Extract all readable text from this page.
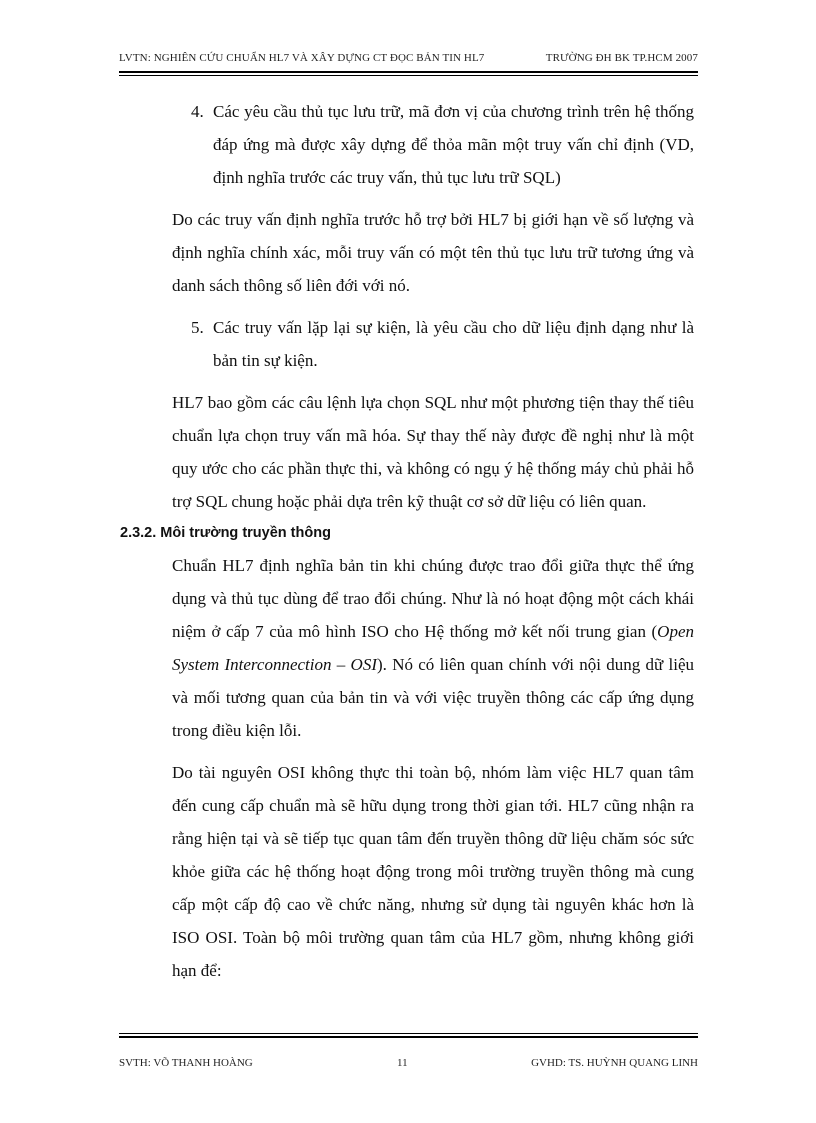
LVTN: NGHIÊN CỨU CHUẨN HL7 VÀ XÂY DỰNG CT ĐỌC BẢN TIN HL7	TRƯỜNG ĐH BK TP.HCM 2007
4. Các yêu cầu thủ tục lưu trữ, mã đơn vị của chương trình trên hệ thống đáp ứng mà được xây dựng để thỏa mãn một truy vấn chỉ định (VD, định nghĩa trước các truy vấn, thủ tục lưu trữ SQL)

Do các truy vấn định nghĩa trước hỗ trợ bởi HL7 bị giới hạn về số lượng và định nghĩa chính xác, mỗi truy vấn có một tên thủ tục lưu trữ tương ứng và danh sách thông số liên đới với nó.

5. Các truy vấn lặp lại sự kiện, là yêu cầu cho dữ liệu định dạng như là bản tin sự kiện.

HL7 bao gồm các câu lệnh lựa chọn SQL như một phương tiện thay thế tiêu chuẩn lựa chọn truy vấn mã hóa. Sự thay thế này được đề nghị như là một quy ước cho các phần thực thi, và không có ngụ ý hệ thống máy chủ phải hỗ trợ SQL chung hoặc phải dựa trên kỹ thuật cơ sở dữ liệu có liên quan.

2.3.2. Môi trường truyền thông

Chuẩn HL7 định nghĩa bản tin khi chúng được trao đổi giữa thực thể ứng dụng và thủ tục dùng để trao đổi chúng. Như là nó hoạt động một cách khái niệm ở cấp 7 của mô hình ISO cho Hệ thống mở kết nối trung gian (Open System Interconnection – OSI). Nó có liên quan chính với nội dung dữ liệu và mối tương quan của bản tin và với việc truyền thông các cấp ứng dụng trong điều kiện lỗi.

Do tài nguyên OSI không thực thi toàn bộ, nhóm làm việc HL7 quan tâm đến cung cấp chuẩn mà sẽ hữu dụng trong thời gian tới. HL7 cũng nhận ra rằng hiện tại và sẽ tiếp tục quan tâm đến truyền thông dữ liệu chăm sóc sức khỏe giữa các hệ thống hoạt động trong môi trường truyền thông mà cung cấp một cấp độ cao về chức năng, nhưng sử dụng tài nguyên khác hơn là ISO OSI. Toàn bộ môi trường quan tâm của HL7 gồm, nhưng không giới hạn để:

SVTH: VÕ THANH HOÀNG	11	GVHD: TS. HUỲNH QUANG LINH
